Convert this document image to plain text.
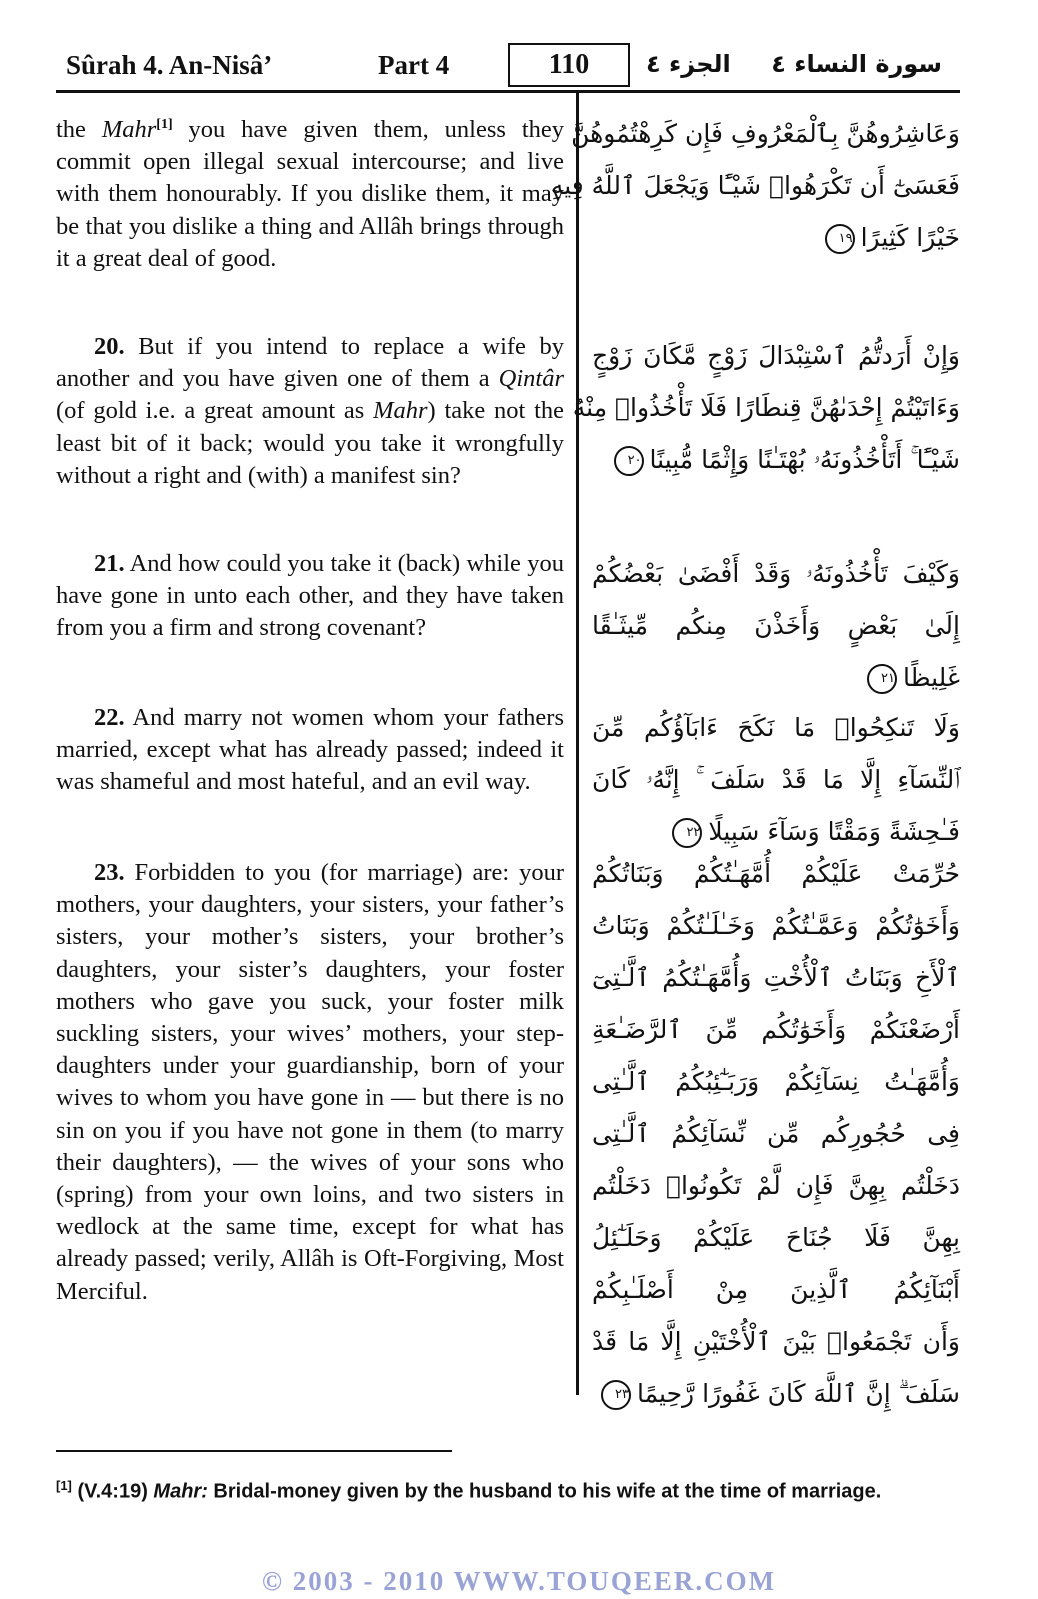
Sûrah 4. An-Nisâ’	Part 4	110	الجزء ٤ سورة النساء ٤
the Mahr[1] you have given them, unless they commit open illegal sexual intercourse; and live with them honourably. If you dislike them, it may be that you dislike a thing and Allâh brings through it a great deal of good.
20. But if you intend to replace a wife by another and you have given one of them a Qintâr (of gold i.e. a great amount as Mahr) take not the least bit of it back; would you take it wrongfully without a right and (with) a manifest sin?
21. And how could you take it (back) while you have gone in unto each other, and they have taken from you a firm and strong covenant?
22. And marry not women whom your fathers married, except what has already passed; indeed it was shameful and most hateful, and an evil way.
23. Forbidden to you (for marriage) are: your mothers, your daughters, your sisters, your father’s sisters, your mother’s sisters, your brother’s daughters, your sister’s daughters, your foster mothers who gave you suck, your foster milk suckling sisters, your wives’ mothers, your step-daughters under your guardianship, born of your wives to whom you have gone in — but there is no sin on you if you have not gone in them (to marry their daughters), — the wives of your sons who (spring) from your own loins, and two sisters in wedlock at the same time, except for what has already passed; verily, Allâh is Oft-Forgiving, Most Merciful.
وَعَاشِرُوهُنَّ بِٱلْمَعْرُوفِ فَإِن كَرِهْتُمُوهُنَّ
فَعَسَىٰٓ أَن تَكْرَهُوا۟ شَيْـًٔا وَيَجْعَلَ ٱللَّهُ فِيهِ
خَيْرًا كَثِيرًا١٩
وَإِنْ أَرَدتُّمُ ٱسْتِبْدَالَ زَوْجٍ مَّكَانَ زَوْجٍ
وَءَاتَيْتُمْ إِحْدَىٰهُنَّ قِنطَارًا فَلَا تَأْخُذُوا۟ مِنْهُ
شَيْـًٔا ۚ أَتَأْخُذُونَهُۥ بُهْتَـٰنًا وَإِثْمًا مُّبِينًا٢٠
وَكَيْفَ تَأْخُذُونَهُۥ وَقَدْ أَفْضَىٰ بَعْضُكُمْ
إِلَىٰ بَعْضٍ وَأَخَذْنَ مِنكُم مِّيثَـٰقًا
غَلِيظًا٢١
وَلَا تَنكِحُوا۟ مَا نَكَحَ ءَابَآؤُكُم مِّنَ
ٱلنِّسَآءِ إِلَّا مَا قَدْ سَلَفَ ۚ إِنَّهُۥ كَانَ
فَـٰحِشَةً وَمَقْتًا وَسَآءَ سَبِيلًا٢٢
حُرِّمَتْ عَلَيْكُمْ أُمَّهَـٰتُكُمْ وَبَنَاتُكُمْ
وَأَخَوَٰتُكُمْ وَعَمَّـٰتُكُمْ وَخَـٰلَـٰتُكُمْ وَبَنَاتُ
ٱلْأَخِ وَبَنَاتُ ٱلْأُخْتِ وَأُمَّهَـٰتُكُمُ ٱلَّـٰتِىٓ
أَرْضَعْنَكُمْ وَأَخَوَٰتُكُم مِّنَ ٱلرَّضَـٰعَةِ
وَأُمَّهَـٰتُ نِسَآئِكُمْ وَرَبَـٰٓئِبُكُمُ ٱلَّـٰتِى
فِى حُجُورِكُم مِّن نِّسَآئِكُمُ ٱلَّـٰتِى
دَخَلْتُم بِهِنَّ فَإِن لَّمْ تَكُونُوا۟ دَخَلْتُم
بِهِنَّ فَلَا جُنَاحَ عَلَيْكُمْ وَحَلَـٰٓئِلُ
أَبْنَآئِكُمُ ٱلَّذِينَ مِنْ أَصْلَـٰبِكُمْ
وَأَن تَجْمَعُوا۟ بَيْنَ ٱلْأُخْتَيْنِ إِلَّا مَا قَدْ
سَلَفَ ۗ إِنَّ ٱللَّهَ كَانَ غَفُورًا رَّحِيمًا٢٣
[1] (V.4:19) Mahr: Bridal-money given by the husband to his wife at the time of marriage.
© 2003 - 2010 WWW.TOUQEER.COM
